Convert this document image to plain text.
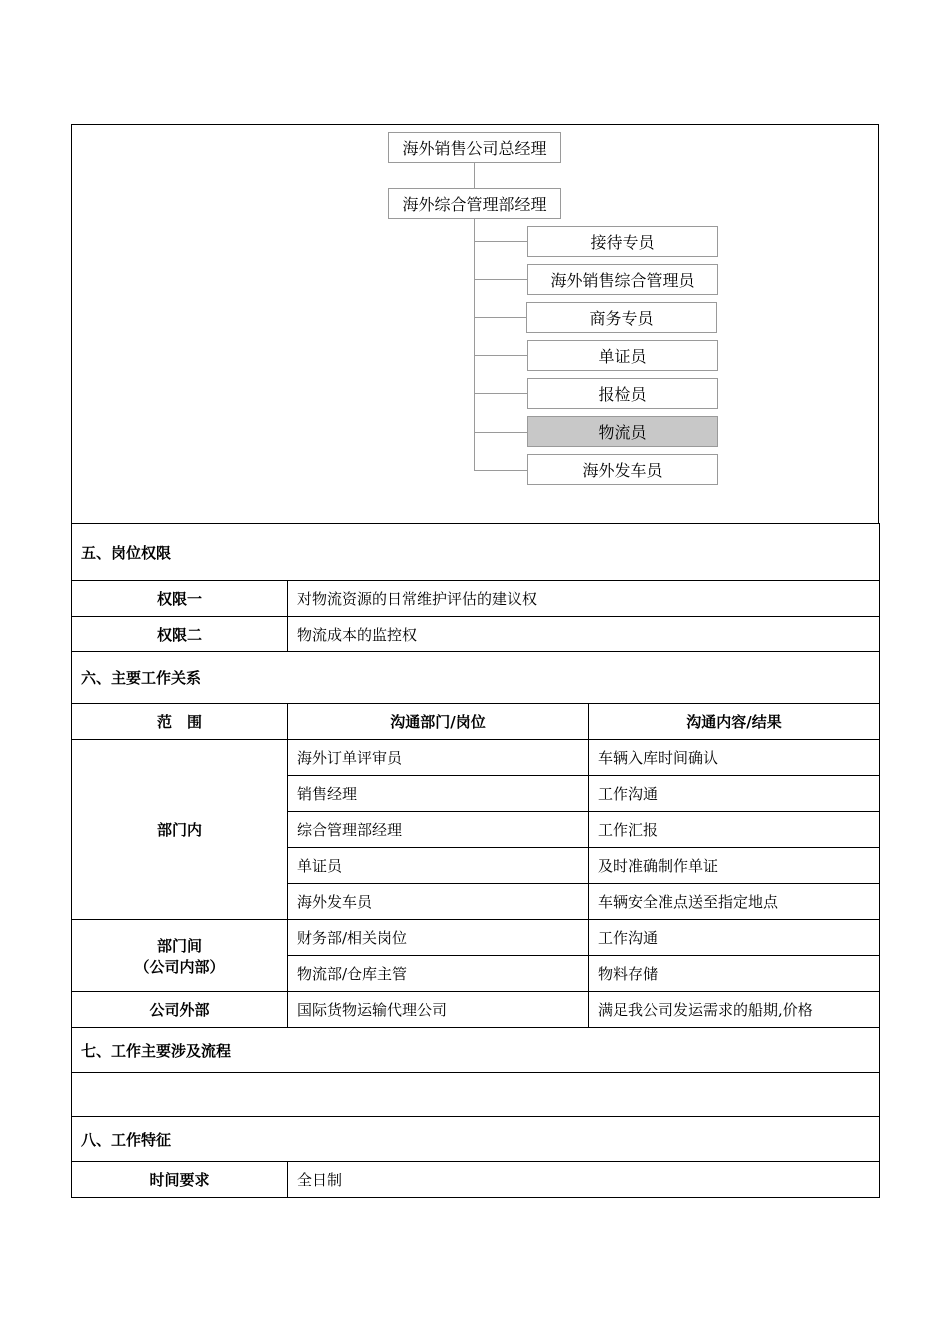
海外销售公司总经理
海外综合管理部经理
接待专员
海外销售综合管理员
商务专员
单证员
报检员
物流员
海外发车员
五、岗位权限		
权限一	对物流资源的日常维护评估的建议权	
权限二	物流成本的监控权	
六、主要工作关系		
范　围	沟通部门/岗位	沟通内容/结果
部门内	海外订单评审员	车辆入库时间确认
	销售经理	工作沟通
	综合管理部经理	工作汇报
	单证员	及时准确制作单证
	海外发车员	车辆安全准点送至指定地点

部门间
（公司内部）	财务部/相关岗位	工作沟通
	物流部/仓库主管	物料存储
公司外部	国际货物运输代理公司	满足我公司发运需求的船期,价格
七、工作主要涉及流程		

八、工作特征		
时间要求	全日制	
